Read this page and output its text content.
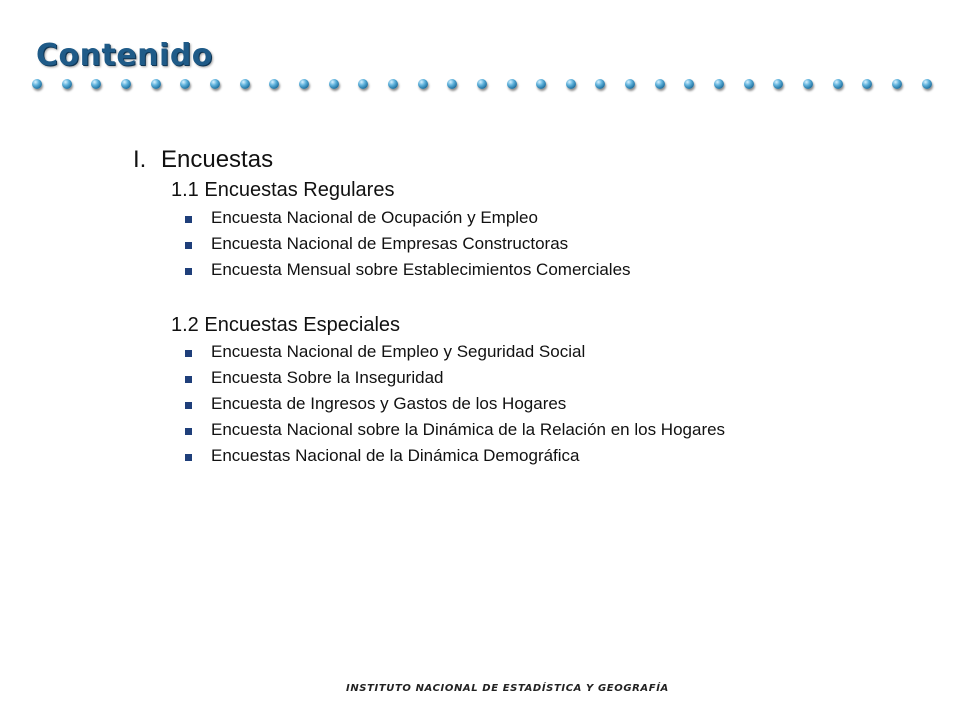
Contenido
I. Encuestas
1.1 Encuestas Regulares
Encuesta Nacional de Ocupación y Empleo
Encuesta Nacional de Empresas Constructoras
Encuesta Mensual sobre Establecimientos Comerciales
1.2 Encuestas Especiales
Encuesta Nacional de Empleo y Seguridad Social
Encuesta Sobre la Inseguridad
Encuesta de Ingresos y Gastos de los Hogares
Encuesta Nacional sobre la Dinámica de la Relación en los Hogares
Encuestas Nacional de la Dinámica Demográfica
INSTITUTO NACIONAL DE ESTADÍSTICA Y GEOGRAFÍA
